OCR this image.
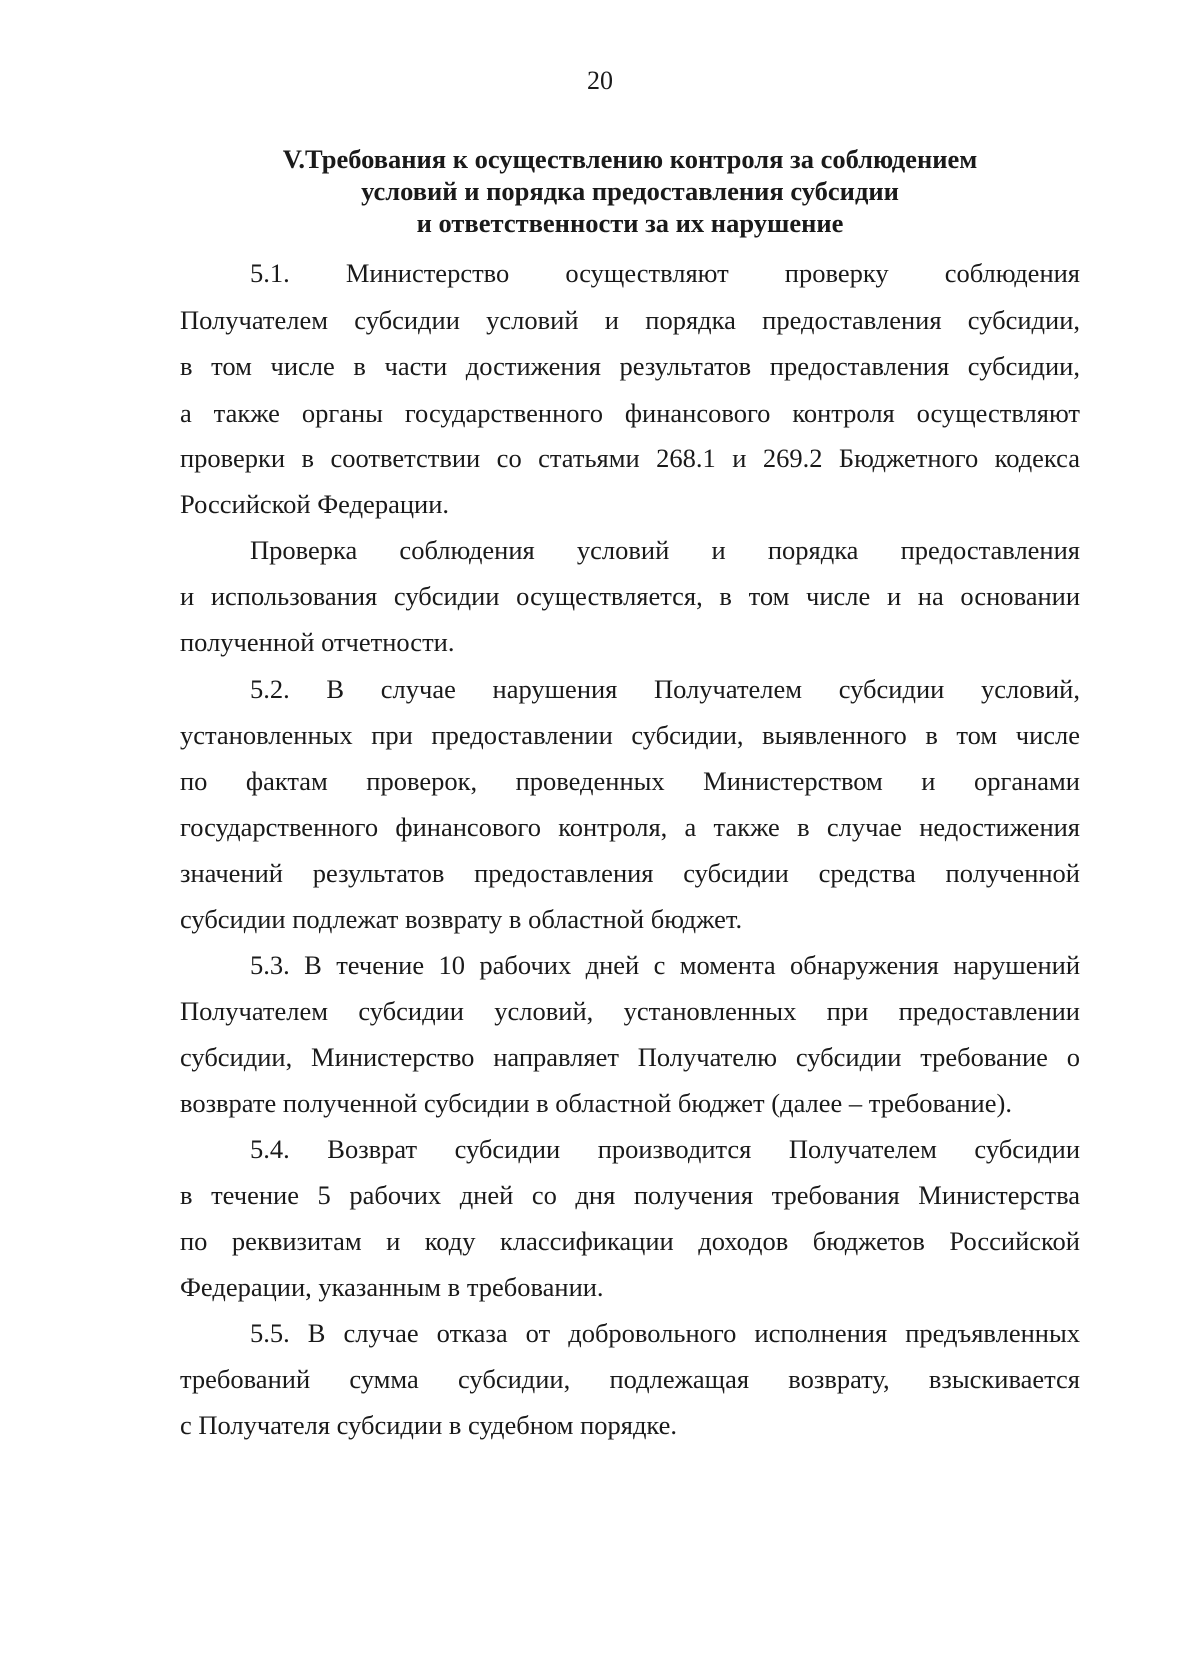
20
V.Требования к осуществлению контроля за соблюдением
условий и порядка предоставления субсидии
и ответственности за их нарушение
5.1. Министерство осуществляют проверку соблюдения
Получателем субсидии условий и порядка предоставления субсидии,
в том числе в части достижения результатов предоставления субсидии,
а также органы государственного финансового контроля осуществляют
проверки в соответствии со статьями 268.1 и 269.2 Бюджетного кодекса
Российской Федерации.
Проверка соблюдения условий и порядка предоставления
и использования субсидии осуществляется, в том числе и на основании
полученной отчетности.
5.2. В случае нарушения Получателем субсидии условий,
установленных при предоставлении субсидии, выявленного в том числе
по фактам проверок, проведенных Министерством и органами
государственного финансового контроля, а также в случае недостижения
значений результатов предоставления субсидии средства полученной
субсидии подлежат возврату в областной бюджет.
5.3. В течение 10 рабочих дней с момента обнаружения нарушений
Получателем субсидии условий, установленных при предоставлении
субсидии, Министерство направляет Получателю субсидии требование о
возврате полученной субсидии в областной бюджет (далее – требование).
5.4. Возврат субсидии производится Получателем субсидии
в течение 5 рабочих дней со дня получения требования Министерства
по реквизитам и коду классификации доходов бюджетов Российской
Федерации, указанным в требовании.
5.5. В случае отказа от добровольного исполнения предъявленных
требований сумма субсидии, подлежащая возврату, взыскивается
с Получателя субсидии в судебном порядке.
